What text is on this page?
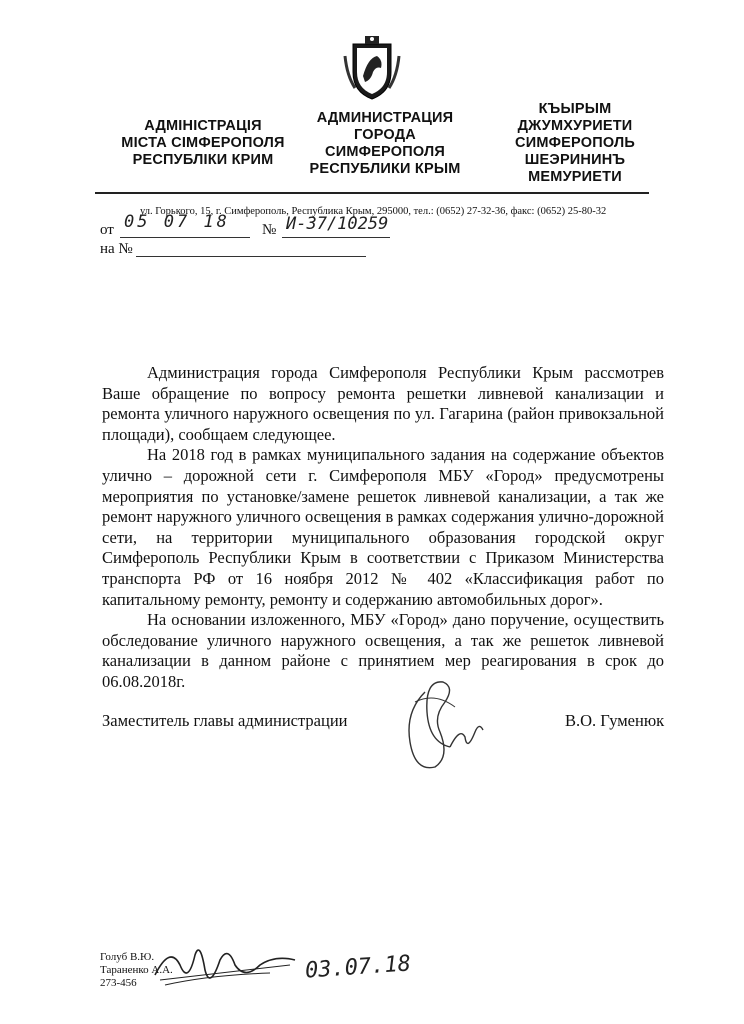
АДМІНІСТРАЦІЯ
МІСТА СІМФЕРОПОЛЯ
РЕСПУБЛІКИ КРИМ
АДМИНИСТРАЦИЯ
ГОРОДА
СИМФЕРОПОЛЯ
РЕСПУБЛИКИ КРЫМ
КЪЫРЫМ
ДЖУМХУРИЕТИ
СИМФЕРОПОЛЬ
ШЕЭРИНИНЪ
МЕМУРИЕТИ
ул. Горького, 15, г. Симферополь, Республика Крым, 295000, тел.: (0652) 27-32-36, факс: (0652) 25-80-32
от 05 07 18 № И-37/10259
на №

Администрация города Симферополя Республики Крым рассмотрев Ваше обращение по вопросу ремонта решетки ливневой канализации и ремонта уличного наружного освещения по ул. Гагарина (район привокзальной площади), сообщаем следующее.

На 2018 год в рамках муниципального задания на содержание объектов улично – дорожной сети г. Симферополя МБУ «Город» предусмотрены мероприятия по установке/замене решеток ливневой канализации, а так же ремонт наружного уличного освещения в рамках содержания улично-дорожной сети, на территории муниципального образования городской округ Симферополь Республики Крым в соответствии с Приказом Министерства транспорта РФ от 16 ноября 2012 № 402 «Классификация работ по капитальному ремонту, ремонту и содержанию автомобильных дорог».

На основании изложенного, МБУ «Город» дано поручение, осуществить обследование уличного наружного освещения, а так же решеток ливневой канализации в данном районе с принятием мер реагирования в срок до 06.08.2018г.

Заместитель главы администрации	В.О. Гуменюк
Голуб В.Ю.
Тараненко А.А.
273-456	03.07.18
